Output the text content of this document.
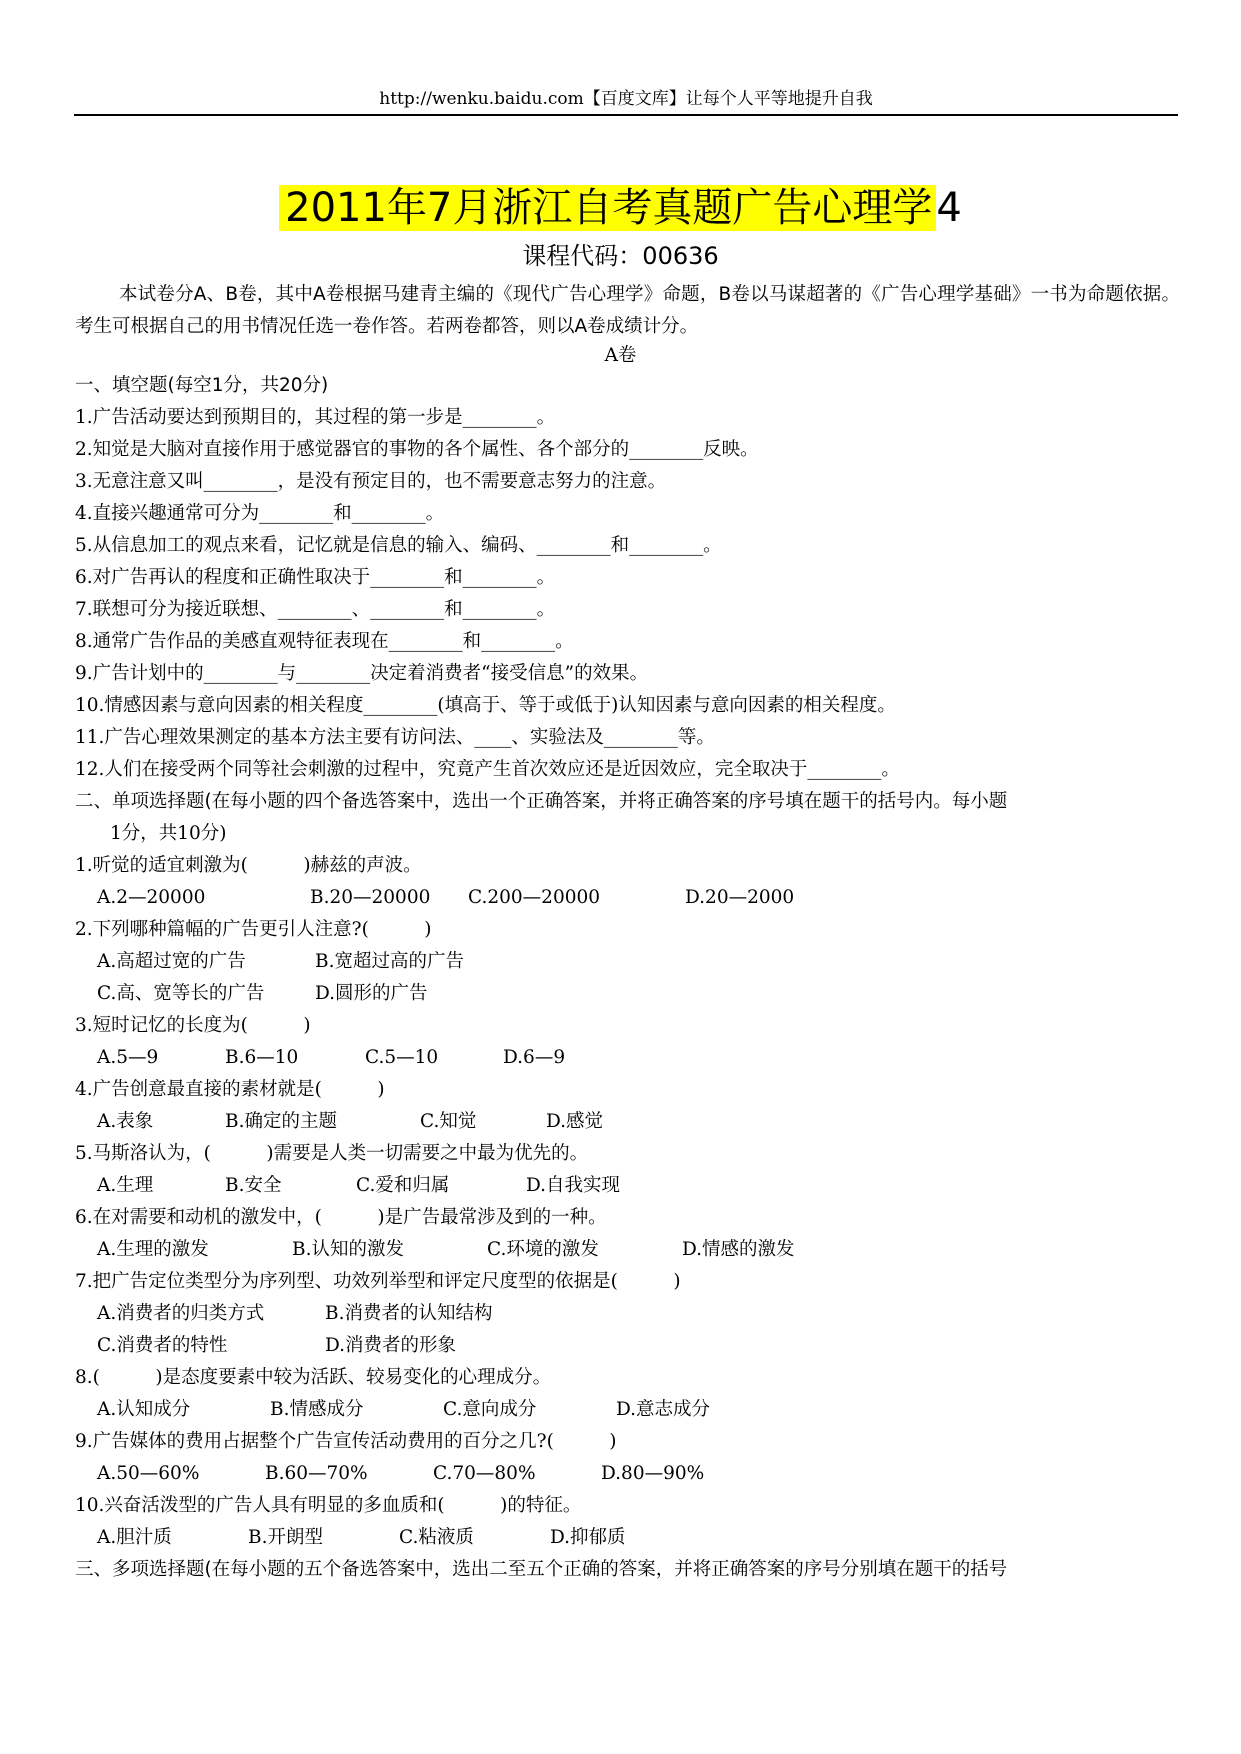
http://wenku.baidu.com【百度文库】让每个人平等地提升自我
2011年7月浙江自考真题广告心理学 4
课程代码：00636
本试卷分A、B卷，其中A卷根据马建青主编的《现代广告心理学》命题，B卷以马谋超著的《广告心理学基础》一书为命题依据。考生可根据自己的用书情况任选一卷作答。若两卷都答，则以A卷成绩计分。
A卷
一、填空题(每空1分，共20分)
1.广告活动要达到预期目的，其过程的第一步是________。
2.知觉是大脑对直接作用于感觉器官的事物的各个属性、各个部分的________反映。
3.无意注意又叫________，是没有预定目的，也不需要意志努力的注意。
4.直接兴趣通常可分为________和________。
5.从信息加工的观点来看，记忆就是信息的输入、编码、________和________。
6.对广告再认的程度和正确性取决于________和________。
7.联想可分为接近联想、________、________和________。
8.通常广告作品的美感直观特征表现在________和________。
9.广告计划中的________与________决定着消费者“接受信息”的效果。
10.情感因素与意向因素的相关程度________(填高于、等于或低于)认知因素与意向因素的相关程度。
11.广告心理效果测定的基本方法主要有访问法、____、实验法及________等。
12.人们在接受两个同等社会刺激的过程中，究竟产生首次效应还是近因效应，完全取决于________。
二、单项选择题(在每小题的四个备选答案中，选出一个正确答案，并将正确答案的序号填在题干的括号内。每小题
1分，共10分)
1.听觉的适宜刺激为(　　　)赫兹的声波。
A.2—20000	B.20—20000 C.200—20000	D.20—2000
2.下列哪种篇幅的广告更引人注意?(　　　)
A.高超过宽的广告	B.宽超过高的广告
C.高、宽等长的广告	D.圆形的广告
3.短时记忆的长度为(　　　)
A.5—9	B.6—10	C.5—10	D.6—9
4.广告创意最直接的素材就是(　　　)
A.表象	B.确定的主题	C.知觉	D.感觉
5.马斯洛认为，(　　　)需要是人类一切需要之中最为优先的。
A.生理	B.安全	C.爱和归属	D.自我实现
6.在对需要和动机的激发中，(　　　)是广告最常涉及到的一种。
A.生理的激发	B.认知的激发	C.环境的激发	D.情感的激发
7.把广告定位类型分为序列型、功效列举型和评定尺度型的依据是(　　　)
A.消费者的归类方式	B.消费者的认知结构
C.消费者的特性	D.消费者的形象
8.(　　　)是态度要素中较为活跃、较易变化的心理成分。
A.认知成分	B.情感成分	C.意向成分	D.意志成分
9.广告媒体的费用占据整个广告宣传活动费用的百分之几?(　　　)
A.50—60%	B.60—70%	C.70—80%	D.80—90%
10.兴奋活泼型的广告人具有明显的多血质和(　　　)的特征。
A.胆汁质	B.开朗型	C.粘液质	D.抑郁质
三、多项选择题(在每小题的五个备选答案中，选出二至五个正确的答案，并将正确答案的序号分别填在题干的括号
